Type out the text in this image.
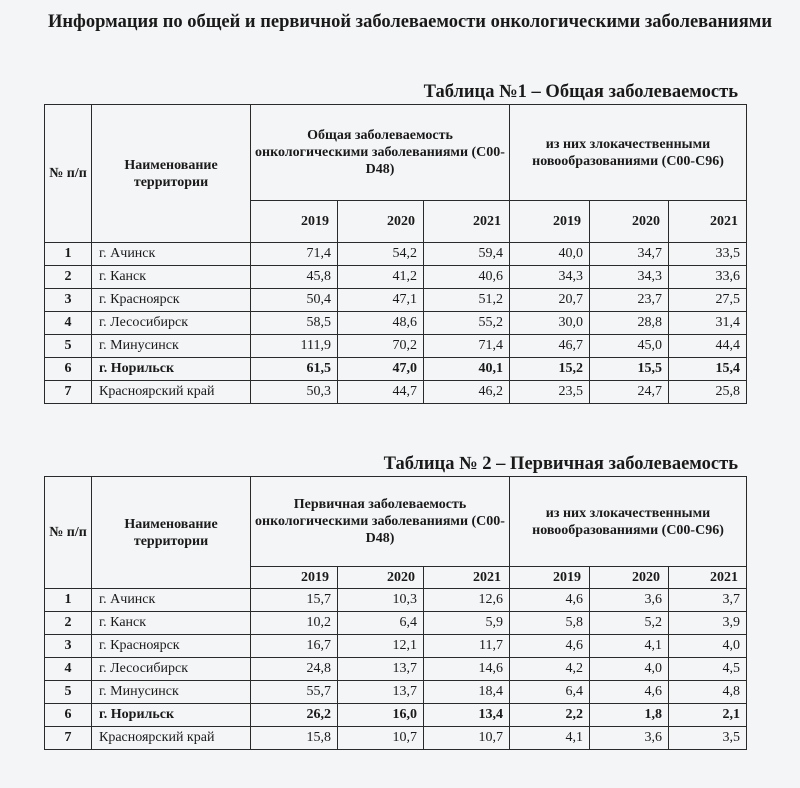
Информация по общей и первичной заболеваемости онкологическими заболеваниями
Таблица №1 – Общая заболеваемость
№ п/п	Наименование территории	Общая заболеваемость онкологическими заболеваниями (C00-D48)			из них злокачественными новообразованиями (C00-C96)		
		2019	2020	2021	2019	2020	2021
1	г. Ачинск	71,4	54,2	59,4	40,0	34,7	33,5
2	г. Канск	45,8	41,2	40,6	34,3	34,3	33,6
3	г. Красноярск	50,4	47,1	51,2	20,7	23,7	27,5
4	г. Лесосибирск	58,5	48,6	55,2	30,0	28,8	31,4
5	г. Минусинск	111,9	70,2	71,4	46,7	45,0	44,4
6	г. Норильск	61,5	47,0	40,1	15,2	15,5	15,4
7	Красноярский край	50,3	44,7	46,2	23,5	24,7	25,8
Таблица № 2 – Первичная заболеваемость
№ п/п	Наименование территории	Первичная заболеваемость онкологическими заболеваниями (C00-D48)			из них злокачественными новообразованиями (C00-C96)		
		2019	2020	2021	2019	2020	2021
1	г. Ачинск	15,7	10,3	12,6	4,6	3,6	3,7
2	г. Канск	10,2	6,4	5,9	5,8	5,2	3,9
3	г. Красноярск	16,7	12,1	11,7	4,6	4,1	4,0
4	г. Лесосибирск	24,8	13,7	14,6	4,2	4,0	4,5
5	г. Минусинск	55,7	13,7	18,4	6,4	4,6	4,8
6	г. Норильск	26,2	16,0	13,4	2,2	1,8	2,1
7	Красноярский край	15,8	10,7	10,7	4,1	3,6	3,5
